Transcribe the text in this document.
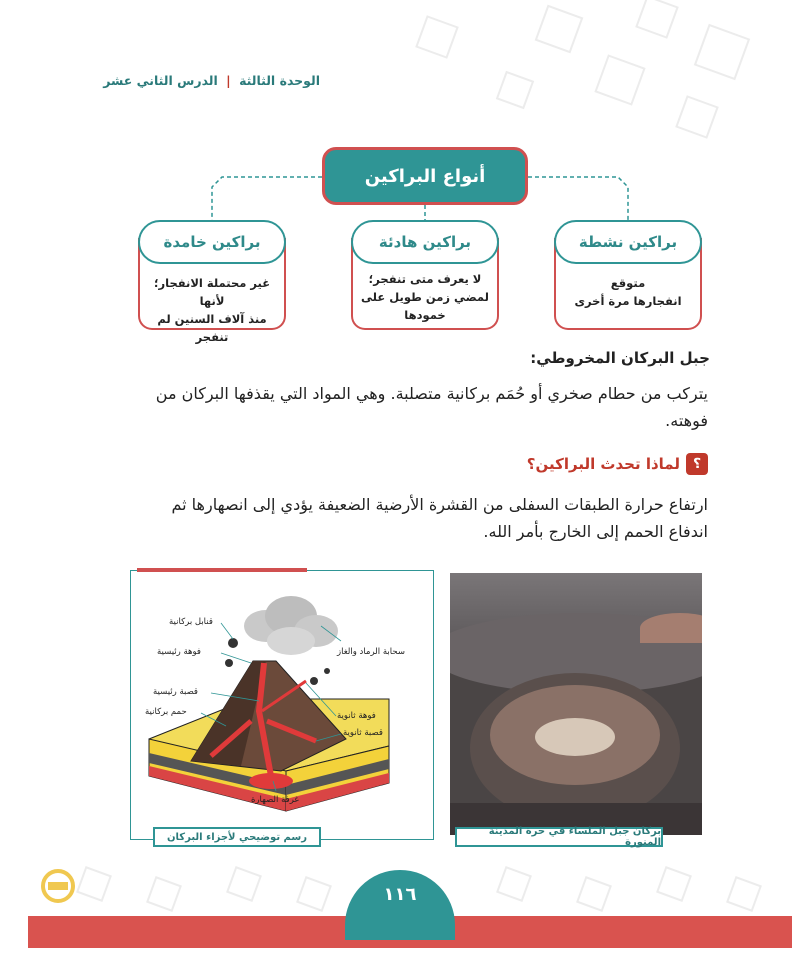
الوحدة الثالثة | الدرس الثاني عشر
أنواع البراكين
براكين خامدة
غير محتملة الانفجار؛ لأنها
منذ آلاف السنين لم تنفجر
براكين هادئة
لا يعرف متى تنفجر؛
لمضي زمن طويل على
خمودها
براكين نشطة
متوقع
انفجارها مرة أخرى
جبل البركان المخروطي:
يتركب من حطام صخري أو حُمَم بركانية متصلبة. وهي المواد التي يقذفها البركان من
فوهته.
؟
لماذا تحدث البراكين؟
ارتفاع حرارة الطبقات السفلى من القشرة الأرضية الضعيفة يؤدي إلى انصهارها ثم
اندفاع الحمم إلى الخارج بأمر الله.
قنابل بركانية
فوهة رئيسية	سحابة الرماد والغاز
قصبة رئيسية
حمم بركانية	فوهة ثانوية
قصبة ثانوية
غرفة الصهارة
رسم توضيحي لأجزاء البركان	بركان جبل الملساء في حرة المدينة المنورة
١١٦
